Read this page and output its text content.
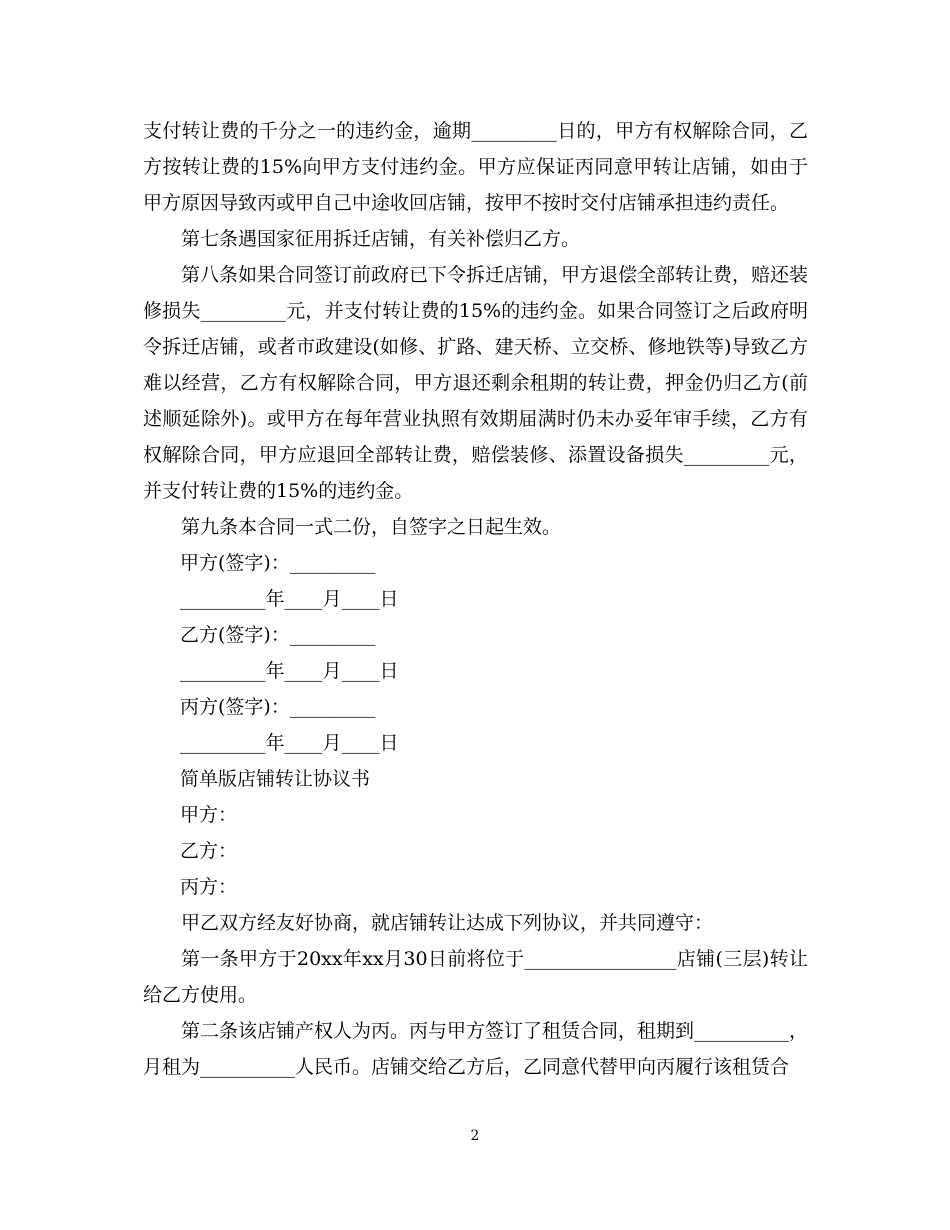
支付转让费的千分之一的违约金，逾期_________日的，甲方有权解除合同，乙方按转让费的15%向甲方支付违约金。甲方应保证丙同意甲转让店铺，如由于甲方原因导致丙或甲自己中途收回店铺，按甲不按时交付店铺承担违约责任。

第七条遇国家征用拆迁店铺，有关补偿归乙方。

第八条如果合同签订前政府已下令拆迁店铺，甲方退偿全部转让费，赔还装修损失_________元，并支付转让费的15%的违约金。如果合同签订之后政府明令拆迁店铺，或者市政建设(如修、扩路、建天桥、立交桥、修地铁等)导致乙方难以经营，乙方有权解除合同，甲方退还剩余租期的转让费，押金仍归乙方(前述顺延除外)。或甲方在每年营业执照有效期届满时仍未办妥年审手续，乙方有权解除合同，甲方应退回全部转让费，赔偿装修、添置设备损失_________元，并支付转让费的15%的违约金。

第九条本合同一式二份，自签字之日起生效。

甲方(签字)：_________

_________年____月____日

乙方(签字)：_________

_________年____月____日

丙方(签字)：_________

_________年____月____日

简单版店铺转让协议书

甲方：

乙方：

丙方：

甲乙双方经友好协商，就店铺转让达成下列协议，并共同遵守：

第一条甲方于20xx年xx月30日前将位于________________店铺(三层)转让给乙方使用。

第二条该店铺产权人为丙。丙与甲方签订了租赁合同，租期到__________，月租为__________人民币。店铺交给乙方后，乙同意代替甲向丙履行该租赁合

2
